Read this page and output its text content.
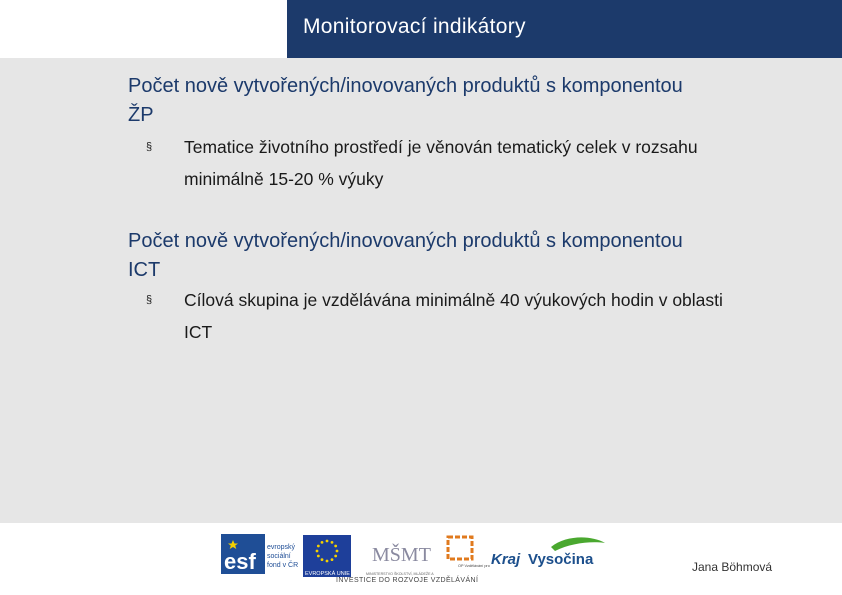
Monitorovací indikátory
Počet nově vytvořených/inovovaných produktů s komponentou ŽP
§ Tematice životního prostředí je věnován tematický celek v rozsahu minimálně 15-20 % výuky
Počet nově vytvořených/inovovaných produktů s komponentou ICT
§ Cílová skupina je vzdělávána minimálně 40 výukových hodin v oblasti ICT
esf
evropský
sociální
fond v ČR
EVROPSKÁ UNIE
MŠMT
MINISTERSTVO ŠKOLSTVÍ, MLÁDEŽE A
OP Vzdělávání pro Kraj Vysočina
INVESTICE DO ROZVOJE VZDĚLÁVÁNÍ
Jana Böhmová
